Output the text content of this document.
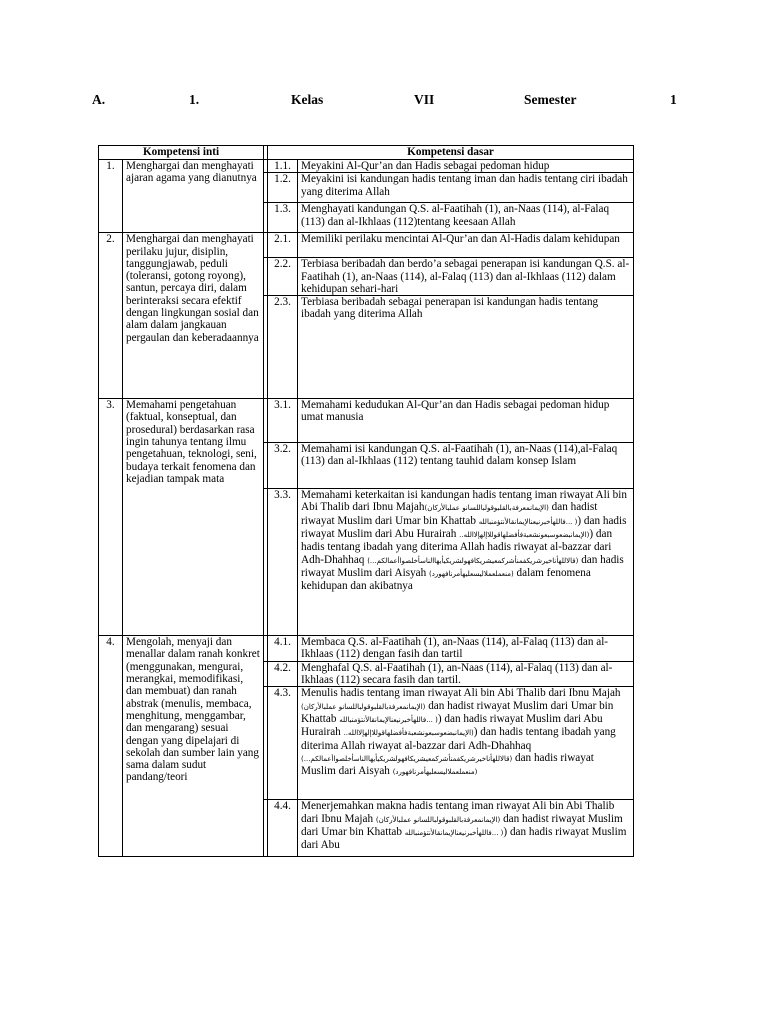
A.	1.	Kelas	VII	Semester	1
Kompetensi inti			Kompetensi dasar	
1.	Menghargai dan menghayati ajaran agama yang dianutnya		1.1.	Meyakini Al-Qur’an dan Hadis sebagai pedoman hidup
			1.2.	Meyakini isi kandungan hadis tentang iman dan hadis tentang ciri ibadah yang diterima Allah
			1.3.	Menghayati kandungan Q.S. al-Faatihah (1), an-Naas (114), al-Falaq (113) dan al-Ikhlaas (112)tentang keesaan Allah
2.	Menghargai dan menghayati perilaku jujur, disiplin, tanggungjawab, peduli (toleransi, gotong royong), santun, percaya diri, dalam berinteraksi secara efektif dengan lingkungan sosial dan alam dalam jangkauan pergaulan dan keberadaannya		2.1.	Memiliki perilaku mencintai Al-Qur’an dan Al-Hadis dalam kehidupan
			2.2.	Terbiasa beribadah dan berdo’a sebagai penerapan isi kandungan Q.S. al-Faatihah (1), an-Naas (114), al-Falaq (113) dan al-Ikhlaas (112) dalam kehidupan sehari-hari
			2.3.	Terbiasa beribadah sebagai penerapan isi kandungan hadis tentang ibadah yang diterima Allah
3.	Memahami pengetahuan (faktual, konseptual, dan prosedural) berdasarkan rasa ingin tahunya tentang ilmu pengetahuan, teknologi, seni, budaya terkait fenomena dan kejadian tampak mata		3.1.	Memahami kedudukan Al-Qur’an dan Hadis sebagai pedoman hidup umat manusia
			3.2.	Memahami isi kandungan Q.S. al-Faatihah (1), an-Naas (114),al-Falaq (113) dan al-Ikhlaas (112) tentang tauhid dalam konsep Islam
			3.3.	Memahami keterkaitan isi kandungan hadis tentang iman riwayat Ali bin Abi Thalib dari Ibnu Majah(الإيمانمعرفةبالقلبوقولباللسانو عملبالأركان) dan hadist riwayat Muslim dari Umar bin Khattab ( ...فاللهأخبرنيعنالإيمانقالأنتؤمنبالله) dan hadis riwayat Muslim dari Abu Hurairah (الإيمانبضعوسبعونشعبةفأفضلهاقوللاإلهإلاالله..) dan hadis tentang ibadah yang diterima Allah hadis riwayat al-bazzar dari Adh-Dhahhaq (قالاللهأناخيرشريكفمنأشركمعيشريكافهولشريكيأيهاالناسأخلصواأعمالكم...) dan hadis riwayat Muslim dari Aisyah (منعملعملاليسعليهأمرنافهورد) dalam fenomena kehidupan dan akibatnya
4.	Mengolah, menyaji dan menallar dalam ranah konkret (menggunakan, mengurai, merangkai, memodifikasi, dan membuat) dan ranah abstrak (menulis, membaca, menghitung, menggambar, dan mengarang) sesuai dengan yang dipelajari di sekolah dan sumber lain yang sama dalam sudut pandang/teori		4.1.	Membaca Q.S. al-Faatihah (1), an-Naas (114), al-Falaq (113) dan al-Ikhlaas (112) dengan fasih dan tartil
			4.2.	Menghafal Q.S. al-Faatihah (1), an-Naas (114), al-Falaq (113) dan al-Ikhlaas (112) secara fasih dan tartil.
			4.3.	Menulis hadis tentang iman riwayat Ali bin Abi Thalib dari Ibnu Majah (الإيمانمعرفةبالقلبوقولباللسانو عملبالأركان) dan hadist riwayat Muslim dari Umar bin Khattab ( ...فاللهأخبرنيعنالإيمانقالأنتؤمنبالله) dan hadis riwayat Muslim dari Abu Hurairah (الإيمانبضعوسبعونشعبةفأفضلهاقوللاإلهإلاالله..) dan hadis tentang ibadah yang diterima Allah riwayat al-bazzar dari Adh-Dhahhaq (قالاللهأناخيرشريكفمنأشركمعيشريكافهولشريكيأيهاالناسأخلصواأعمالكم...) dan hadis riwayat Muslim dari Aisyah (منعملعملاليسعليهأمرنافهورد)
			4.4.	Menerjemahkan makna hadis tentang iman riwayat Ali bin Abi Thalib dari Ibnu Majah (الإيمانمعرفةبالقلبوقولباللسانو عملبالأركان) dan hadist riwayat Muslim dari Umar bin Khattab ( ...فاللهأخبرنيعنالإيمانقالأنتؤمنبالله) dan hadis riwayat Muslim dari Abu
